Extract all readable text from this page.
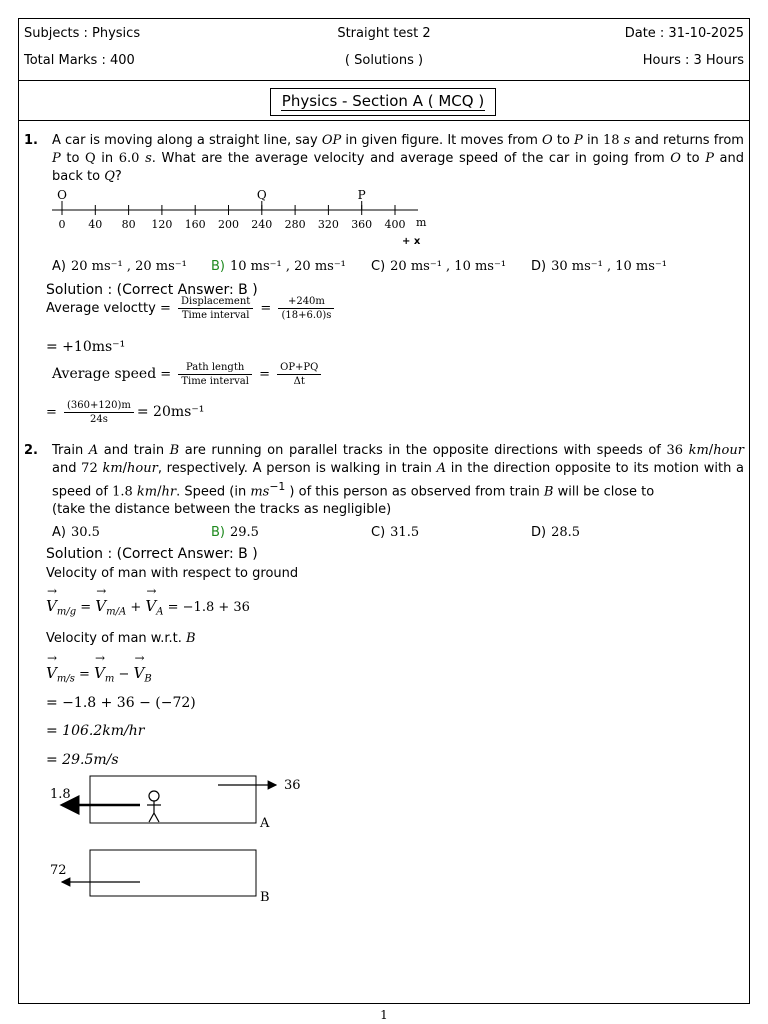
Subjects : Physics	Straight test 2	Date : 31-10-2025
Total Marks : 400	( Solutions )	Hours : 3 Hours
Physics - Section A ( MCQ )
1. A car is moving along a straight line, say OP in given figure. It moves from O to P in 18 s and returns from P to Q in 6.0 s. What are the average velocity and average speed of the car in going from O to P and back to Q?
0 40 80 120 160 200 240 280 320 360 400
O	Q	P
m
+ x
A) 20 ms⁻¹ , 20 ms⁻¹ B) 10 ms⁻¹ , 20 ms⁻¹ C) 20 ms⁻¹ , 10 ms⁻¹ D) 30 ms⁻¹ , 10 ms⁻¹
Solution : (Correct Answer: B )
Average veloctty = $\frac{\text{Displacement}}{\text{Time interval}} = \frac{+240m}{(18+6.0)s}$
= +10ms⁻¹
Average speed = $\frac{\text{Path length}}{\text{Time interval}} = \frac{OP+PQ}{\Delta t}$
= $\frac{(360+120)m}{24s} = 20ms^{-1}$
2. Train A and train B are running on parallel tracks in the opposite directions with speeds of 36 km/hour and 72 km/hour, respectively. A person is walking in train A in the direction opposite to its motion with a speed of 1.8 km/hr. Speed (in $ms^{-1}$ ) of this person as observed from train B will be close to
(take the distance between the tracks as negligible)
A) 30.5	B) 29.5	C) 31.5	D) 28.5
Solution : (Correct Answer: B )
Velocity of man with respect to ground
→ $V_{m/g}$ = → $V_{m/A}$ + → $V_A = -1.8 + 36$
Velocity of man w.r.t. B
→ $V_{m/s}$ = → $V_m$ − → $V_B$
= −1.8 + 36 − (−72)
= 106.2km/hr
= 29.5m/s
36
1.8
A
72
B
1
